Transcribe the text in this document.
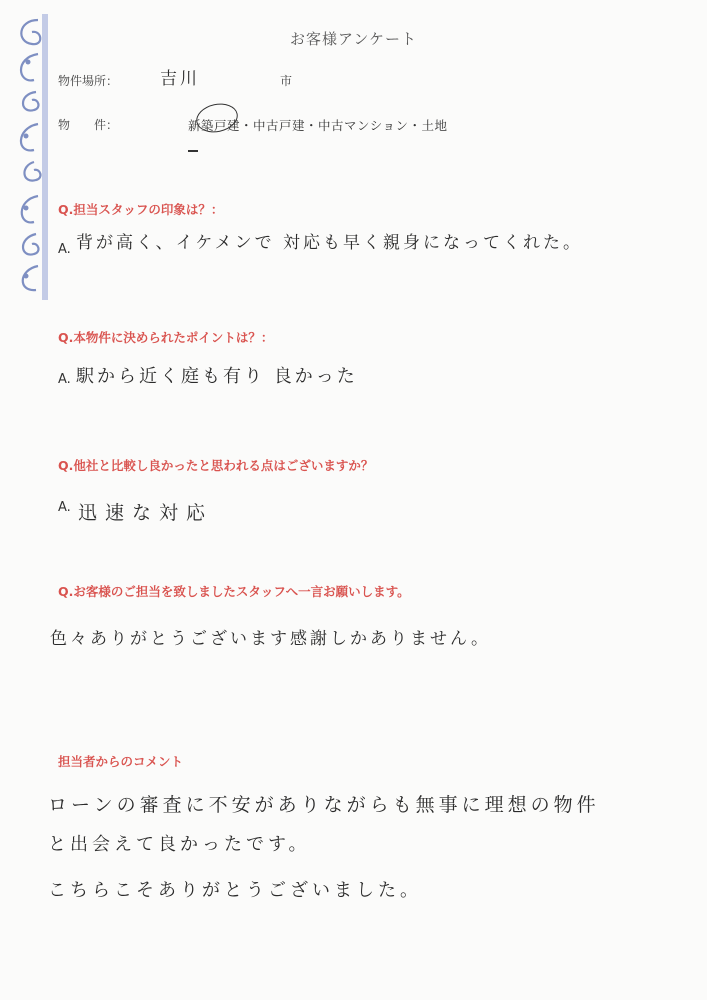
お客様アンケート
物件場所： 吉川	市
物　　件：	新築戸建・中古戸建・中古マンション・土地
Q.担当スタッフの印象は？：
A. 背が高く、イケメンで 対応も早く親身になってくれた。
Q.本物件に決められたポイントは？：
A. 駅から近く庭も有り 良かった
Q.他社と比較し良かったと思われる点はございますか？
A. 迅速な対応
Q.お客様のご担当を致しましたスタッフへ一言お願いします。
色々ありがとうございます感謝しかありません。
担当者からのコメント
ローンの審査に不安がありながらも無事に理想の物件
と出会えて良かったです。
こちらこそありがとうございました。
